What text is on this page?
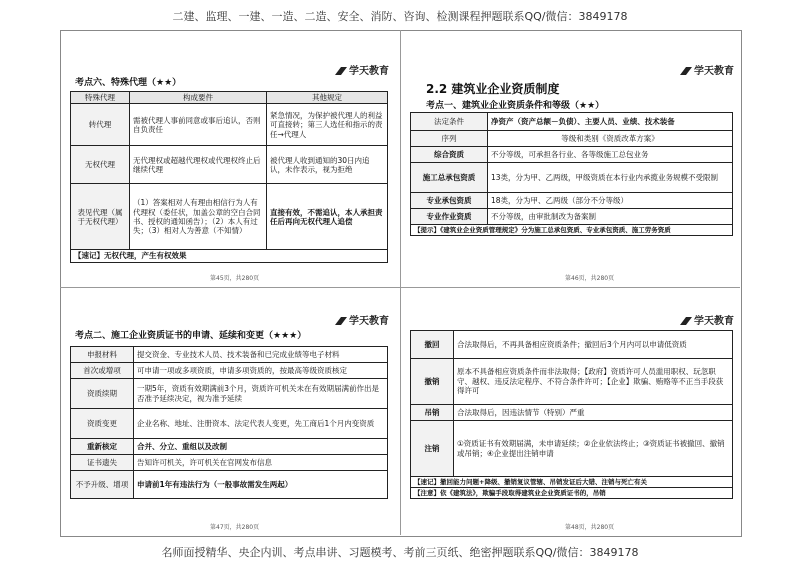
二建、监理、一建、一造、二造、安全、消防、咨询、检测课程押题联系QQ/微信：3849178
学天教育
考点六、特殊代理（★★）
特殊代理	构成要件	其他规定
转代理	需被代理人事前同意或事后追认，否则自负责任	紧急情况，为保护被代理人的利益可直接转；第三人选任和指示的责任→代理人
无权代理	无代理权或超越代理权或代理权终止后继续代理	被代理人收到通知的30日内追认，未作表示，视为拒绝
表见代理（属于无权代理）	（1）答案相对人有理由相信行为人有代理权（委任状，加盖公章的空白合同书、授权的通知函告）；（2）本人有过失；（3）相对人为善意（不知情）	直接有效，不需追认，本人承担责任后再向无权代理人追偿
【速记】无权代理，产生有权效果		
第45页，共280页
学天教育
2.2 建筑业企业资质制度
考点一、建筑业企业资质条件和等级（★★）
法定条件	净资产（资产总额－负债）、主要人员、业绩、技术装备
序列	等级和类别《资质改革方案》
综合资质	不分等级，可承担各行业、各等级施工总包业务
施工总承包资质	13类，分为甲、乙两级，甲级资质在本行业内承揽业务规模不受限制
专业承包资质	18类，分为甲、乙两级（部分不分等级）
专业作业资质	不分等级，由审批制改为备案制
【提示】《建筑业企业资质管理规定》分为施工总承包资质、专业承包资质、施工劳务资质	
第46页，共280页
学天教育
考点二、施工企业资质证书的申请、延续和变更（★★★）
申报材料	提交资金、专业技术人员、技术装备和已完成业绩等电子材料
首次或增项	可申请一项或多项资质，申请多项资质的，按最高等级资质核定
资质续期	一期5年，资质有效期满前3个月，资质许可机关未在有效期届满前作出是否准予延续决定，视为准予延续
资质变更	企业名称、地址、注册资本、法定代表人变更，先工商后1个月内变资质
重新核定	合并、分立、重组以及改制
证书遗失	告知许可机关，许可机关在官网发布信息
不予升级、增项	申请前1年有违法行为（一般事故需发生两起）
第47页，共280页
学天教育
撤回	合法取得后，不再具备相应资质条件；撤回后3个月内可以申请低资质
撤销	原本不具备相应资质条件而非法取得；【政府】资质许可人员滥用职权、玩忽职守、越权、违反法定程序、不符合条件许可；【企业】欺骗、贿赂等不正当手段获得许可
吊销	合法取得后，因违法情节（特别）严重
注销	①资质证书有效期届满，未申请延续；②企业依法终止；③资质证书被撤回、撤销或吊销；④企业提出注销申请
【速记】撤回能力问题+降级、撤销复议管辖、吊销发证后大错、注销与死亡有关	
【注意】依《建筑法》，欺骗手段取得建筑业企业资质证书的，吊销	
第48页，共280页
名师面授精华、央企内训、考点串讲、习题模考、考前三页纸、绝密押题联系QQ/微信：3849178
